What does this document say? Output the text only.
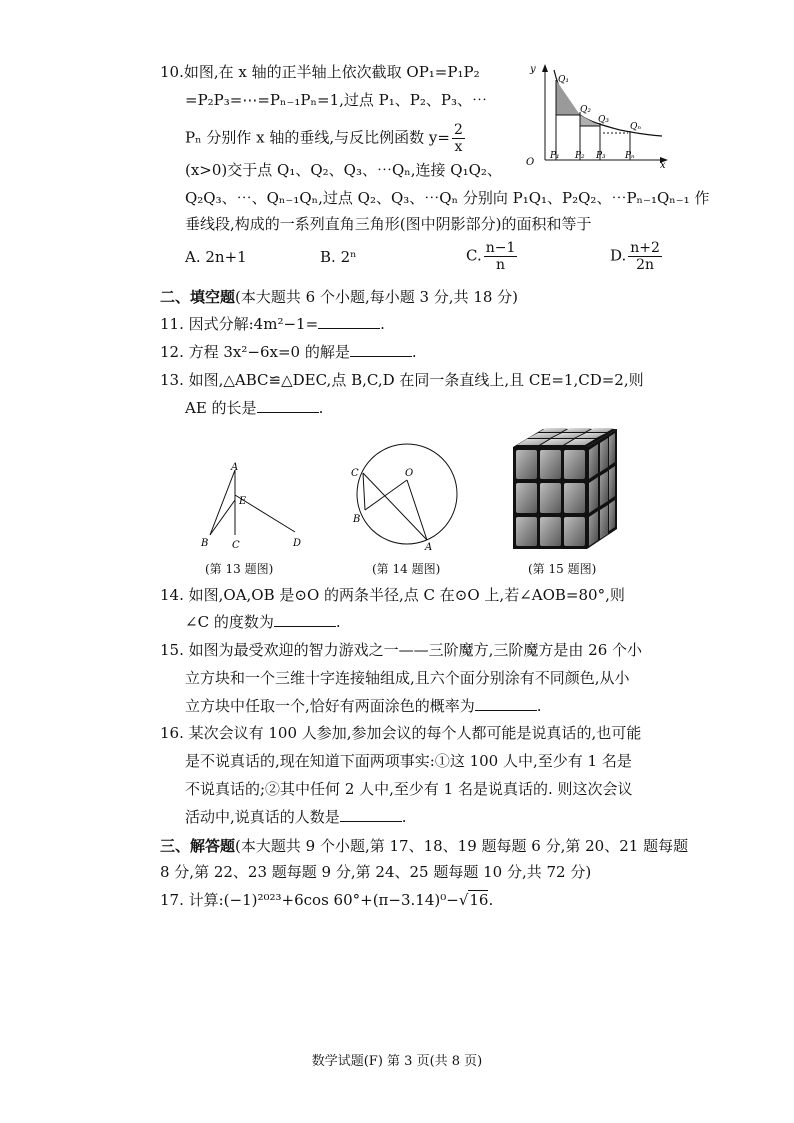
10.如图,在 x 轴的正半轴上依次截取 OP₁=P₁P₂
=P₂P₃=⋯=Pₙ₋₁Pₙ=1,过点 P₁、P₂、P₃、⋯
Pₙ 分别作 x 轴的垂线,与反比例函数 $y= \frac{2}{x}$
(x>0)交于点 Q₁、Q₂、Q₃、⋯Qₙ,连接 Q₁Q₂、
Q₂Q₃、⋯、Qₙ₋₁Qₙ,过点 Q₂、Q₃、⋯Qₙ 分别向 P₁Q₁、P₂Q₂、⋯Pₙ₋₁Qₙ₋₁ 作
垂线段,构成的一系列直角三角形(图中阴影部分)的面积和等于
A. 2n+1	B. 2ⁿ	C. $\frac{n-1}{n}$	D. $\frac{n+2}{2n}$
y
x
O
Q₁
Q₂
Q₃
Qₙ
P₁ P₂ P₃ Pₙ
二、填空题(本大题共 6 个小题,每小题 3 分,共 18 分)
11. 因式分解:4m²−1=	.
12. 方程 3x²−6x=0 的解是	.
13. 如图,△ABC≌△DEC,点 B,C,D 在同一条直线上,且 CE=1,CD=2,则
AE 的长是	.
A
B C	D
E
(第 13 题图)
C
B
O
A
(第 14 题图)	(第 15 题图)
14. 如图,OA,OB 是⊙O 的两条半径,点 C 在⊙O 上,若∠AOB=80°,则
∠C 的度数为	.
15. 如图为最受欢迎的智力游戏之一——三阶魔方,三阶魔方是由 26 个小
立方块和一个三维十字连接轴组成,且六个面分别涂有不同颜色,从小
立方块中任取一个,恰好有两面涂色的概率为	.
16. 某次会议有 100 人参加,参加会议的每个人都可能是说真话的,也可能
是不说真话的,现在知道下面两项事实:①这 100 人中,至少有 1 名是
不说真话的;②其中任何 2 人中,至少有 1 名是说真话的. 则这次会议
活动中,说真话的人数是	.
三、解答题(本大题共 9 个小题,第 17、18、19 题每题 6 分,第 20、21 题每题
8 分,第 22、23 题每题 9 分,第 24、25 题每题 10 分,共 72 分)
17. 计算:(−1)²⁰²³+6cos 60°+(π−3.14)⁰−√16.
数学试题(F) 第 3 页(共 8 页)
